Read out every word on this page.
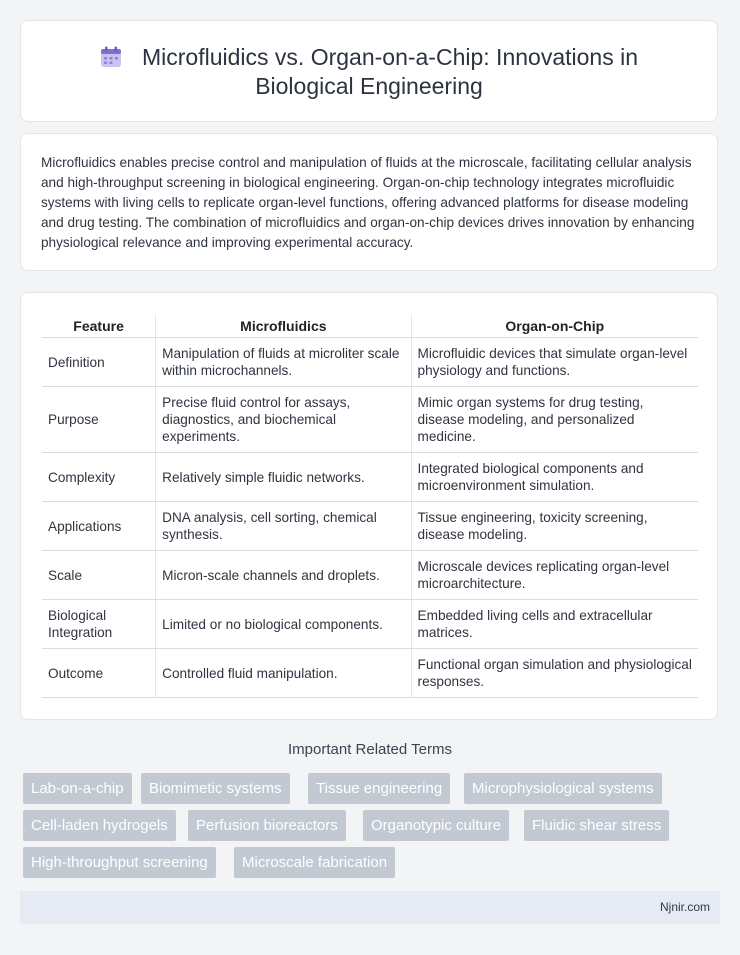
Microfluidics vs. Organ-on-a-Chip: Innovations in
Biological Engineering
Microfluidics enables precise control and manipulation of fluids at the microscale, facilitating cellular analysis and high-throughput screening in biological engineering. Organ-on-chip technology integrates microfluidic systems with living cells to replicate organ-level functions, offering advanced platforms for disease modeling and drug testing. The combination of microfluidics and organ-on-chip devices drives innovation by enhancing physiological relevance and improving experimental accuracy.
Feature	Microfluidics	Organ-on-Chip
Definition	Manipulation of fluids at microliter scale within microchannels.	Microfluidic devices that simulate organ-level physiology and functions.
Purpose	Precise fluid control for assays, diagnostics, and biochemical experiments.	Mimic organ systems for drug testing, disease modeling, and personalized medicine.
Complexity	Relatively simple fluidic networks.	Integrated biological components and microenvironment simulation.
Applications	DNA analysis, cell sorting, chemical synthesis.	Tissue engineering, toxicity screening, disease modeling.
Scale	Micron-scale channels and droplets.	Microscale devices replicating organ-level microarchitecture.
Biological Integration	Limited or no biological components.	Embedded living cells and extracellular matrices.
Outcome	Controlled fluid manipulation.	Functional organ simulation and physiological responses.
Important Related Terms
Lab-on-a-chip	Biomimetic systems	Tissue engineering	Microphysiological systems
Cell-laden hydrogels	Perfusion bioreactors	Organotypic culture	Fluidic shear stress
High-throughput screening	Microscale fabrication
Njnir.com
